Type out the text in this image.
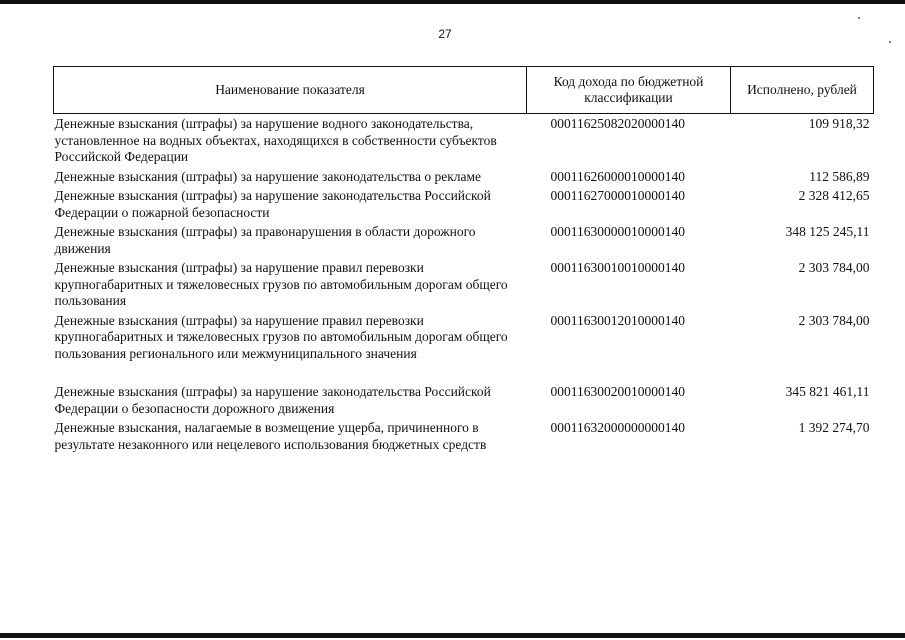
27
Наименование показателя	Код дохода по бюджетной классификации	Исполнено, рублей
Денежные взыскания (штрафы) за нарушение водного законодательства, установленное на водных объектах, находящихся в собственности субъектов Российской Федерации	00011625082020000140	109 918,32
Денежные взыскания (штрафы) за нарушение законодательства о рекламе	00011626000010000140	112 586,89
Денежные взыскания (штрафы) за нарушение законодательства Российской Федерации о пожарной безопасности	00011627000010000140	2 328 412,65
Денежные взыскания (штрафы) за правонарушения в области дорожного движения	00011630000010000140	348 125 245,11
Денежные взыскания (штрафы) за нарушение правил перевозки крупногабаритных и тяжеловесных грузов по автомобильным дорогам общего пользования	00011630010010000140	2 303 784,00
Денежные взыскания (штрафы) за нарушение правил перевозки крупногабаритных и тяжеловесных грузов по автомобильным дорогам общего пользования регионального или межмуниципального значения	00011630012010000140	2 303 784,00
Денежные взыскания (штрафы) за нарушение законодательства Российской Федерации о безопасности дорожного движения	00011630020010000140	345 821 461,11
Денежные взыскания, налагаемые в возмещение ущерба, причиненного в результате незаконного или нецелевого использования бюджетных средств	00011632000000000140	1 392 274,70
